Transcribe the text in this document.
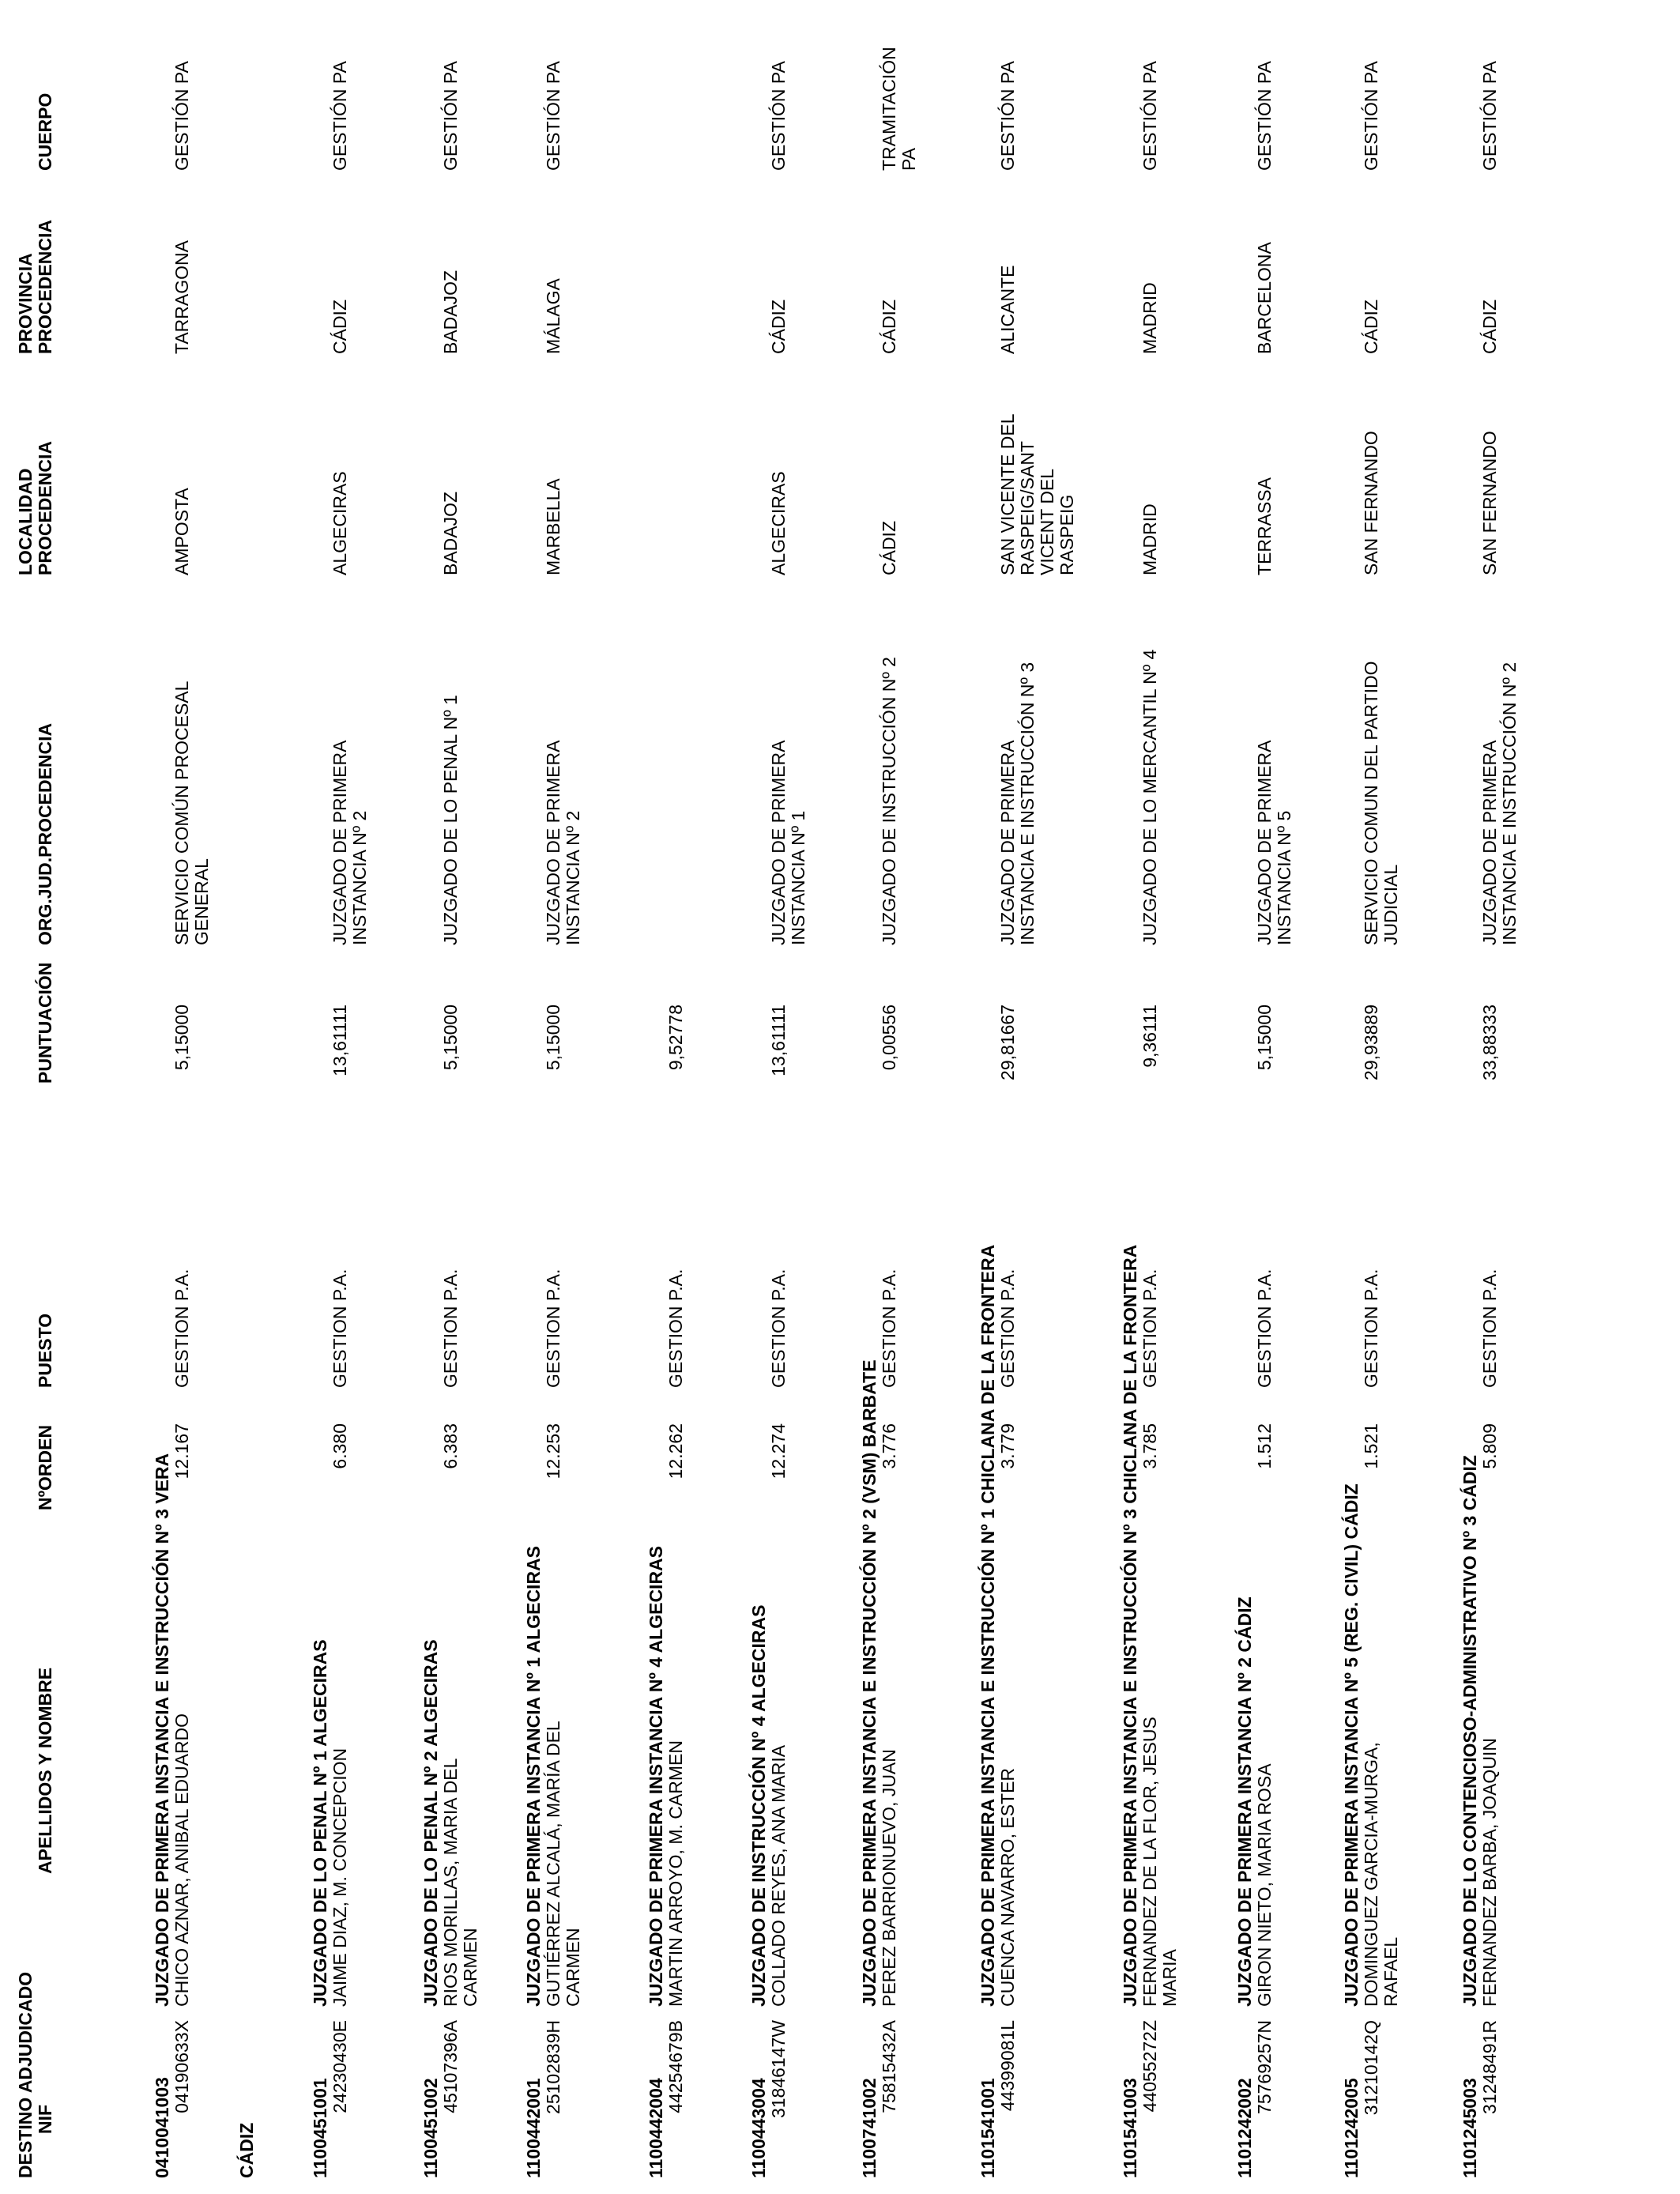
DESTINO ADJUDICADO NIF
APELLIDOS Y NOMBRE
NºORDEN
PUESTO
PUNTUACIÓN
ORG.JUD.PROCEDENCIA
LOCALIDAD PROCEDENCIA
PROVINCIA PROCEDENCIA
CUERPO
CÁDIZ
0410041003
JUZGADO DE PRIMERA INSTANCIA E INSTRUCCIÓN Nº 3 VERA
04190633X
CHICO AZNAR, ANIBAL EDUARDO
12.167
GESTION P.A.
5,15000
SERVICIO COMÚN PROCESAL GENERAL
AMPOSTA
TARRAGONA
GESTIÓN PA
1100451001
JUZGADO DE LO PENAL Nº 1 ALGECIRAS
24230430E
JAIME DIAZ, M. CONCEPCION
6.380
GESTION P.A.
13,61111
JUZGADO DE PRIMERA INSTANCIA Nº 2
ALGECIRAS
CÁDIZ
GESTIÓN PA
1100451002
JUZGADO DE LO PENAL Nº 2 ALGECIRAS
45107396A
RIOS MORILLAS, MARIA DEL CARMEN
6.383
GESTION P.A.
5,15000
JUZGADO DE LO PENAL Nº 1
BADAJOZ
BADAJOZ
GESTIÓN PA
1100442001
JUZGADO DE PRIMERA INSTANCIA Nº 1 ALGECIRAS
25102839H
GUTIÉRREZ ALCALÁ, MARÍA DEL CARMEN
12.253
GESTION P.A.
5,15000
JUZGADO DE PRIMERA INSTANCIA Nº 2
MARBELLA
MÁLAGA
GESTIÓN PA
1100442004
JUZGADO DE PRIMERA INSTANCIA Nº 4 ALGECIRAS
44254679B
MARTIN ARROYO, M. CARMEN
12.262
GESTION P.A.
9,52778
1100443004
JUZGADO DE INSTRUCCIÓN Nº 4 ALGECIRAS
31846147W
COLLADO REYES, ANA MARIA
12.274
GESTION P.A.
13,61111
JUZGADO DE PRIMERA INSTANCIA Nº 1
ALGECIRAS
CÁDIZ
GESTIÓN PA
1100741002
JUZGADO DE PRIMERA INSTANCIA E INSTRUCCIÓN Nº 2 (VSM) BARBATE
75815432A
PEREZ BARRIONUEVO, JUAN
3.776
GESTION P.A.
0,00556
JUZGADO DE INSTRUCCIÓN Nº 2
CÁDIZ
CÁDIZ
TRAMITACIÓN PA
1101541001
JUZGADO DE PRIMERA INSTANCIA E INSTRUCCIÓN Nº 1 CHICLANA DE LA FRONTERA
44399081L
CUENCA NAVARRO, ESTER
3.779
GESTION P.A.
29,81667
JUZGADO DE PRIMERA INSTANCIA E INSTRUCCIÓN Nº 3
SAN VICENTE DEL RASPEIG/SANT VICENT DEL RASPEIG
ALICANTE
GESTIÓN PA
1101541003
JUZGADO DE PRIMERA INSTANCIA E INSTRUCCIÓN Nº 3 CHICLANA DE LA FRONTERA
44055272Z
FERNANDEZ DE LA FLOR, JESUS MARIA
3.785
GESTION P.A.
9,36111
JUZGADO DE LO MERCANTIL Nº 4
MADRID
MADRID
GESTIÓN PA
1101242002
JUZGADO DE PRIMERA INSTANCIA Nº 2 CÁDIZ
75769257N
GIRON NIETO, MARIA ROSA
1.512
GESTION P.A.
5,15000
JUZGADO DE PRIMERA INSTANCIA Nº 5
TERRASSA
BARCELONA
GESTIÓN PA
1101242005
JUZGADO DE PRIMERA INSTANCIA Nº 5 (REG. CIVIL) CÁDIZ
31210142Q
DOMINGUEZ GARCIA-MURGA, RAFAEL
1.521
GESTION P.A.
29,93889
SERVICIO COMUN DEL PARTIDO JUDICIAL
SAN FERNANDO
CÁDIZ
GESTIÓN PA
1101245003
JUZGADO DE LO CONTENCIOSO-ADMINISTRATIVO Nº 3 CÁDIZ
31248491R
FERNANDEZ BARBA, JOAQUIN
5.809
GESTION P.A.
33,88333
JUZGADO DE PRIMERA INSTANCIA E INSTRUCCIÓN Nº 2
SAN FERNANDO
CÁDIZ
GESTIÓN PA
